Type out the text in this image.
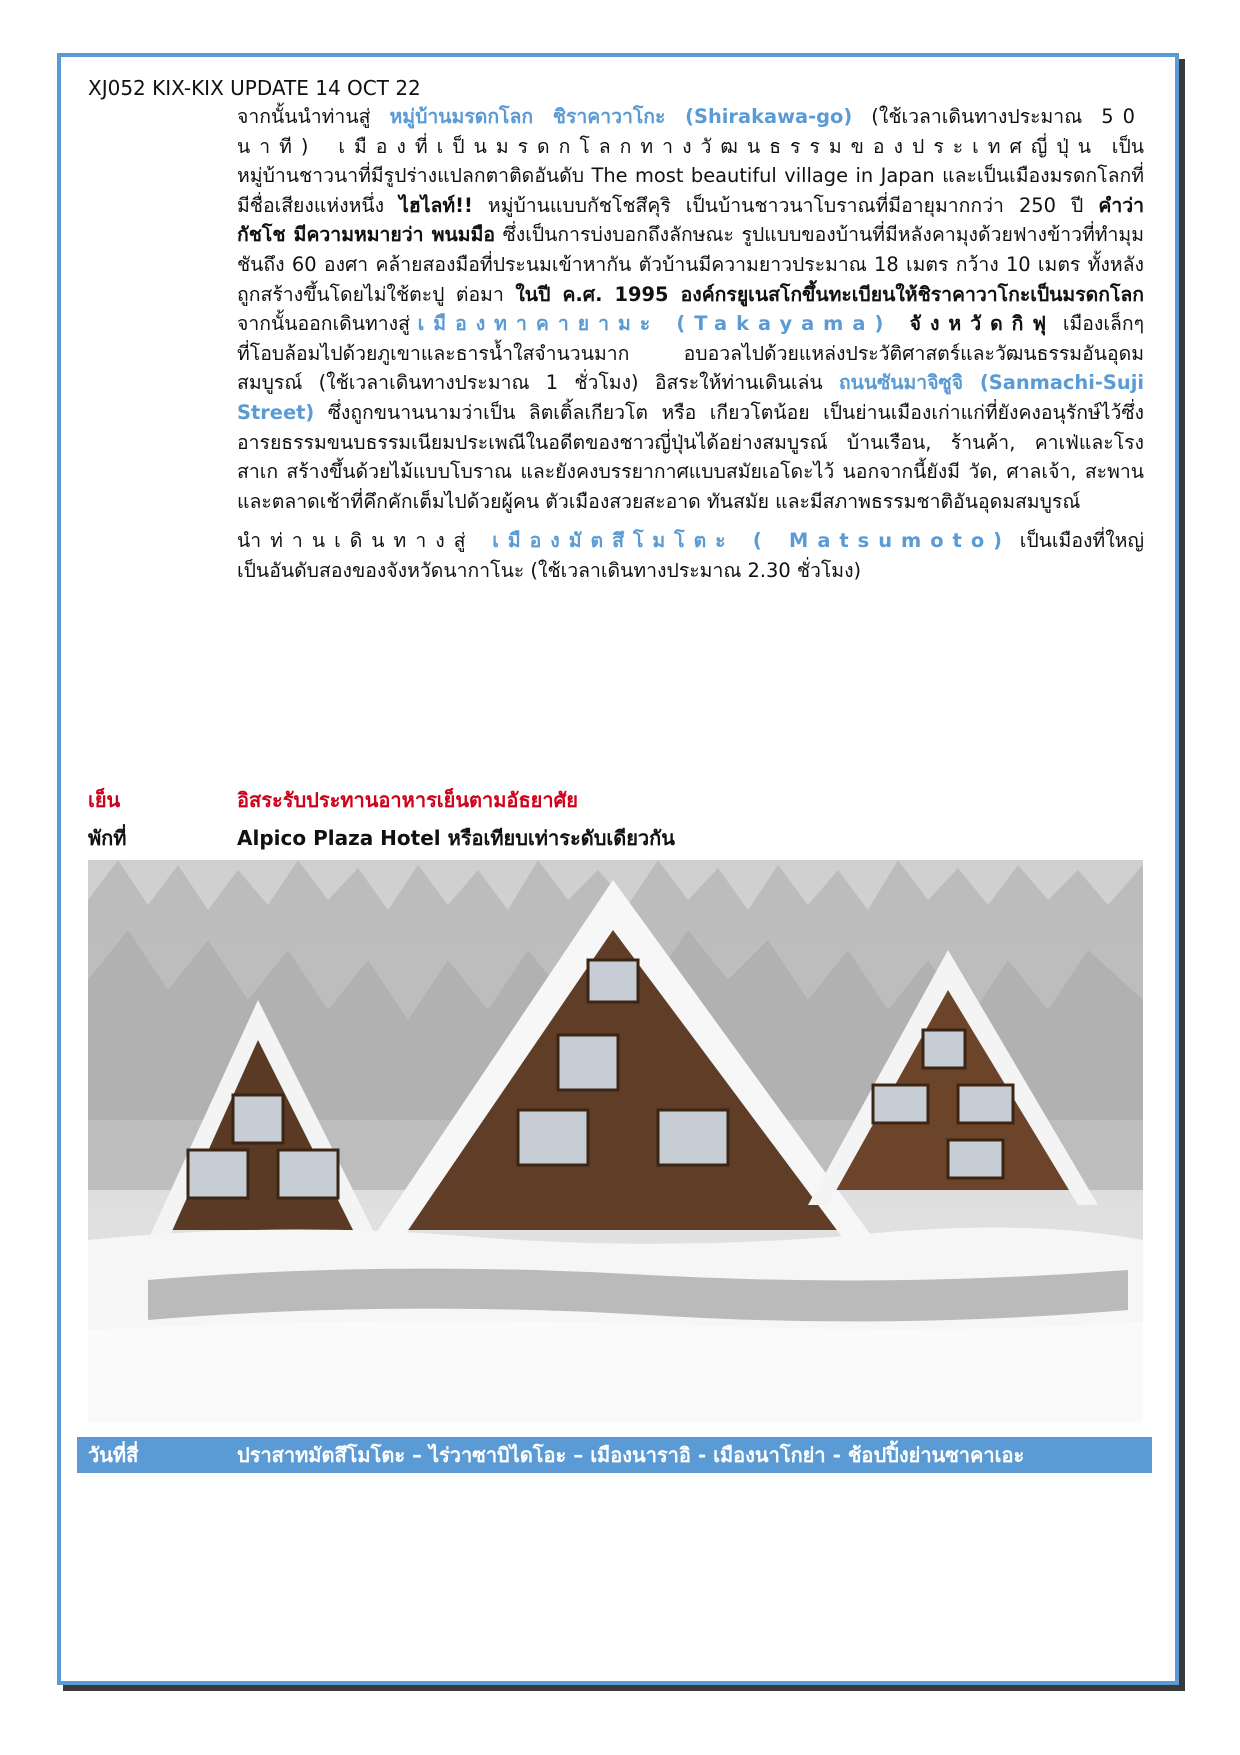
XJ052 KIX-KIX UPDATE 14 OCT 22

จากนั้นนำท่านสู่ หมู่บ้านมรดกโลก ชิราคาวาโกะ (Shirakawa-go) (ใช้เวลาเดินทางประมาณ 50 นาที) เมืองที่เป็นมรดกโลกทางวัฒนธรรมของประเทศญี่ปุ่น เป็นหมู่บ้านชาวนาที่มีรูปร่างแปลกตาติดอันดับ The most beautiful village in Japan และเป็นเมืองมรดกโลกที่มีชื่อเสียงแห่งหนึ่ง ไฮไลท์!! หมู่บ้านแบบกัชโชสึคุริ เป็นบ้านชาวนาโบราณที่มีอายุมากกว่า 250 ปี คำว่า กัชโช มีความหมายว่า พนมมือ ซึ่งเป็นการบ่งบอกถึงลักษณะ รูปแบบของบ้านที่มีหลังคามุงด้วยฟางข้าวที่ทำมุมชันถึง 60 องศา คล้ายสองมือที่ประนมเข้าหากัน ตัวบ้านมีความยาวประมาณ 18 เมตร กว้าง 10 เมตร ทั้งหลังถูกสร้างขึ้นโดยไม่ใช้ตะปู ต่อมา ในปี ค.ศ. 1995 องค์กรยูเนสโกขึ้นทะเบียนให้ชิราคาวาโกะเป็นมรดกโลก จากนั้นออกเดินทางสู่ เมืองทาคายามะ (Takayama) จังหวัดกิฟุ เมืองเล็กๆ ที่โอบล้อมไปด้วยภูเขาและธารน้ำใสจำนวนมาก อบอวลไปด้วยแหล่งประวัติศาสตร์และวัฒนธรรมอันอุดมสมบูรณ์ (ใช้เวลาเดินทางประมาณ 1 ชั่วโมง) อิสระให้ท่านเดินเล่น ถนนซันมาจิซูจิ (Sanmachi-Suji Street) ซึ่งถูกขนานนามว่าเป็น ลิตเติ้ลเกียวโต หรือ เกียวโตน้อย เป็นย่านเมืองเก่าแก่ที่ยังคงอนุรักษ์ไว้ซึ่งอารยธรรมขนบธรรมเนียมประเพณีในอดีตของชาวญี่ปุ่นได้อย่างสมบูรณ์ บ้านเรือน, ร้านค้า, คาเฟ่และโรงสาเก สร้างขึ้นด้วยไม้แบบโบราณ และยังคงบรรยากาศแบบสมัยเอโดะไว้ นอกจากนี้ยังมี วัด, ศาลเจ้า, สะพานและตลาดเช้าที่คึกคักเต็มไปด้วยผู้คน ตัวเมืองสวยสะอาด ทันสมัย และมีสภาพธรรมชาติอันอุดมสมบูรณ์

นำท่านเดินทางสู่ เมืองมัตสึโมโตะ ( Matsumoto) เป็นเมืองที่ใหญ่เป็นอันดับสองของจังหวัดนากาโนะ (ใช้เวลาเดินทางประมาณ 2.30 ชั่วโมง)

เย็น	อิสระรับประทานอาหารเย็นตามอัธยาศัย
พักที่	Alpico Plaza Hotel หรือเทียบเท่าระดับเดียวกัน
วันที่สี่	ปราสาทมัตสึโมโตะ – ไร่วาซาบิไดโอะ – เมืองนาราอิ - เมืองนาโกย่า - ช้อปปิ้งย่านซาคาเอะ
